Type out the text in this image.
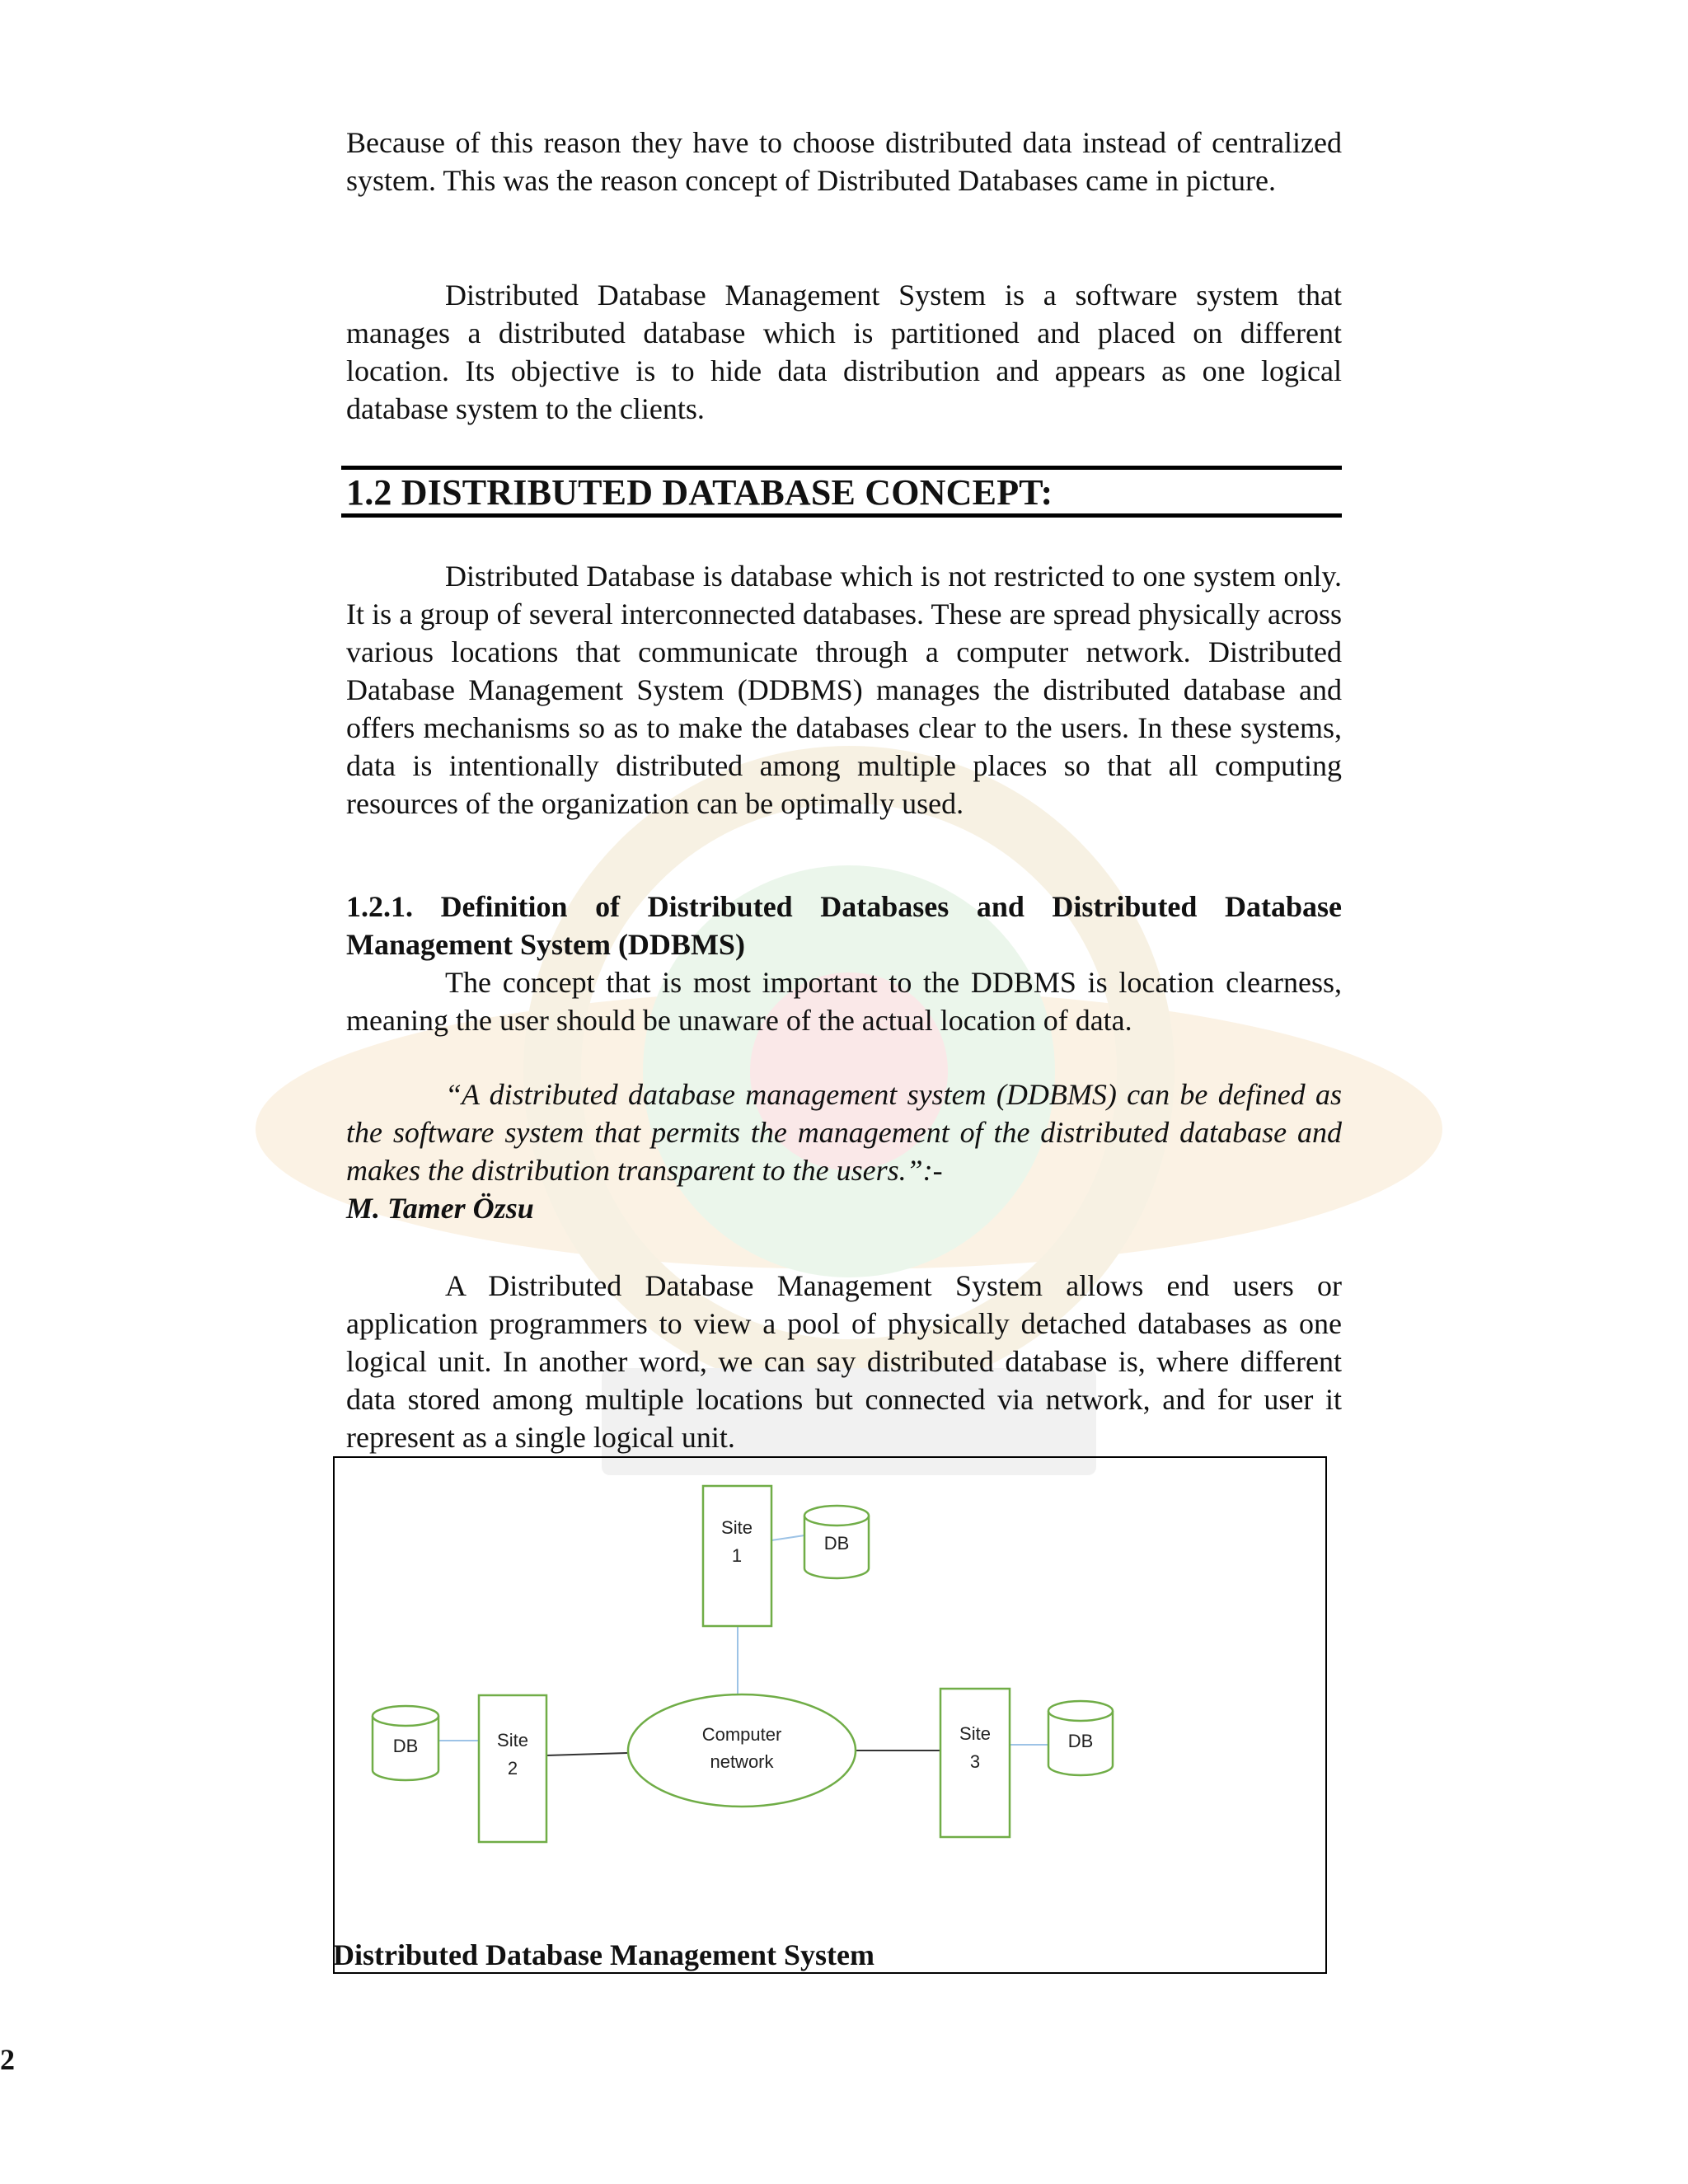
Because of this reason they have to choose distributed data instead of centralized system. This was the reason concept of Distributed Databases came in picture.

Distributed Database Management System is a software system that manages a distributed database which is partitioned and placed on different location. Its objective is to hide data distribution and appears as one logical database system to the clients.

1.2 DISTRIBUTED DATABASE CONCEPT:

Distributed Database is database which is not restricted to one system only. It is a group of several interconnected databases. These are spread physically across various locations that communicate through a computer network. Distributed Database Management System (DDBMS) manages the distributed database and offers mechanisms so as to make the databases clear to the users. In these systems, data is intentionally distributed among multiple places so that all computing resources of the organization can be optimally used.

1.2.1. Definition of Distributed Databases and Distributed Database Management System (DDBMS)

The concept that is most important to the DDBMS is location clearness, meaning the user should be unaware of the actual location of data.

“A distributed database management system (DDBMS) can be defined as the software system that permits the management of the distributed database and makes the distribution transparent to the users.”:-
M. Tamer Özsu

A Distributed Database Management System allows end users or application programmers to view a pool of physically detached databases as one logical unit. In another word, we can say distributed database is, where different data stored among multiple locations but connected via network, and for user it represent as a single logical unit.

Site
1
DB
Site
2
DB
Computer
network
Site
3
DB

Distributed Database Management System

2
